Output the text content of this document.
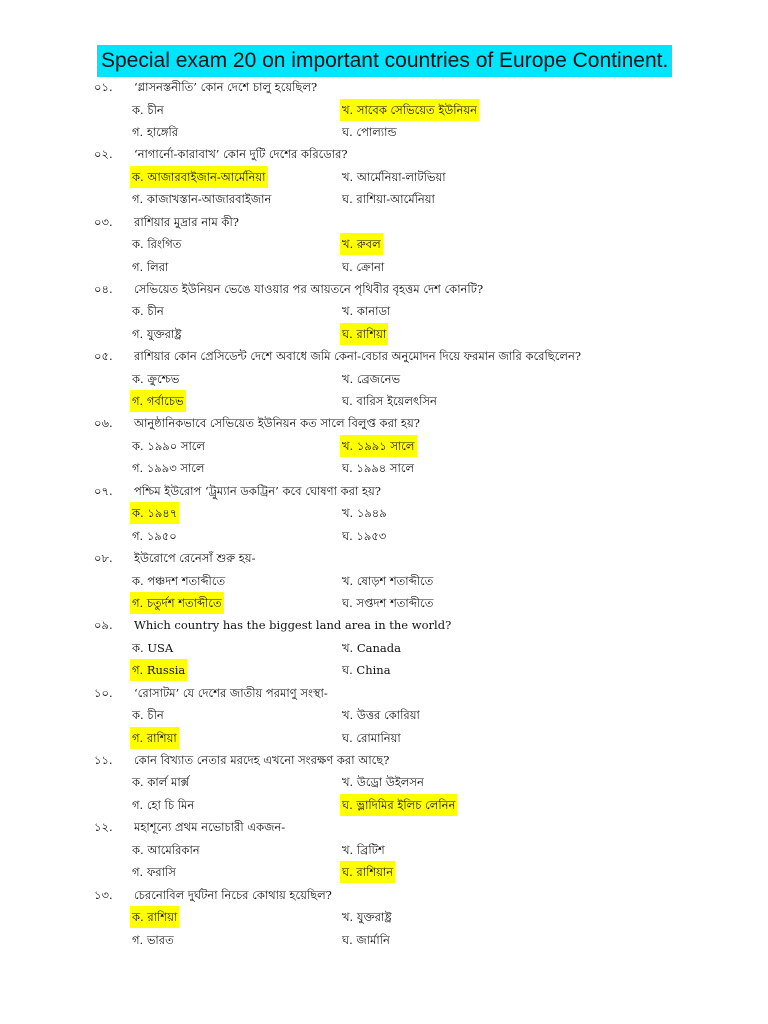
Special exam 20 on important countries of Europe Continent.
০১.	‘গ্লাসনস্তনীতি’ কোন দেশে চালু হয়েছিল?
ক. চীন	খ. সাবেক সেভিয়েত ইউনিয়ন
গ. হাঙ্গেরি	ঘ. পোল্যান্ড
০২.	‘নাগার্নো-কারাবাখ’ কোন দুটি দেশের করিডোর?
ক. আজারবাইজান-আর্মেনিয়া	খ. আর্মেনিয়া-লাটভিয়া
গ. কাজাখস্তান-আজারবাইজান	ঘ. রাশিয়া-আর্মেনিয়া
০৩.	রাশিয়ার মুদ্রার নাম কী?
ক. রিংগিত	খ. রুবল
গ. লিরা	ঘ. ক্রোনা
০৪.	সেভিয়েত ইউনিয়ন ভেঙে যাওয়ার পর আয়তনে পৃথিবীর বৃহত্তম দেশ কোনটি?
ক. চীন	খ. কানাডা
গ. যুক্তরাষ্ট্র	ঘ. রাশিয়া
০৫.	রাশিয়ার কোন প্রেসিডেন্ট দেশে অবাধে জমি কেনা-বেচার অনুমোদন দিয়ে ফরমান জারি করেছিলেন?
ক. ক্রুশ্চেভ	খ. ব্রেজনেভ
গ. গর্বাচেভ	ঘ. বারিস ইয়েলৎসিন
০৬.	আনুষ্ঠানিকভাবে সেভিয়েত ইউনিয়ন কত সালে বিলুপ্ত করা হয়?
ক. ১৯৯০ সালে	খ. ১৯৯১ সালে
গ. ১৯৯৩ সালে	ঘ. ১৯৯৪ সালে
০৭.	পশ্চিম ইউরোপ ‘ট্রুম্যান ডকট্রিন’ কবে ঘোষণা করা হয়?
ক. ১৯৪৭	খ. ১৯৪৯
গ. ১৯৫০	ঘ. ১৯৫৩
০৮.	ইউরোপে রেনেসাঁ শুরু হয়-
ক. পঞ্চদশ শতাব্দীতে	খ. ষোড়শ শতাব্দীতে
গ. চতুর্দশ শতাব্দীতে	ঘ. সপ্তদশ শতাব্দীতে
০৯.	Which country has the biggest land area in the world?
ক. USA	খ. Canada
গ. Russia	ঘ. China
১০.	‘রোসাটম’ যে দেশের জাতীয় পরমাণু সংস্থা-
ক. চীন	খ. উত্তর কোরিয়া
গ. রাশিয়া	ঘ. রোমানিয়া
১১.	কোন বিখ্যাত নেতার মরদেহ এখনো সংরক্ষণ করা আছে?
ক. কার্ল মার্ক্স	খ. উড্রো উইলসন
গ. হো চি মিন	ঘ. ভ্লাদিমির ইলিচ লেনিন
১২.	মহাশূন্যে প্রথম নভোচারী একজন-
ক. আমেরিকান	খ. ব্রিটিশ
গ. ফরাসি	ঘ. রাশিয়ান
১৩.	চেরনোবিল দুর্ঘটনা নিচের কোথায় হয়েছিল?
ক. রাশিয়া	খ. যুক্তরাষ্ট্র
গ. ভারত	ঘ. জার্মানি
